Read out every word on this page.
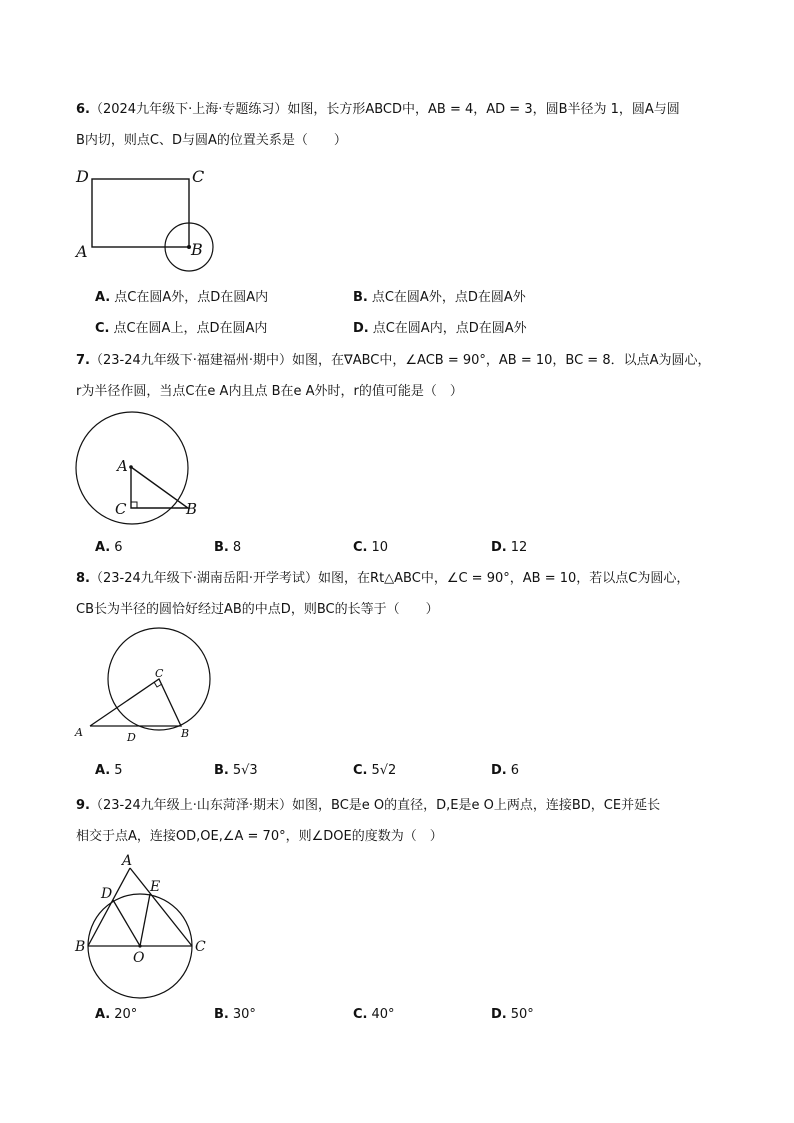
6.（2024九年级下·上海·专题练习）如图，长方形ABCD中，AB = 4，AD = 3，圆B半径为 1，圆A与圆
B内切，则点C、D与圆A的位置关系是（　　）
D	C
A	B
A. 点C在圆A外，点D在圆A内	B. 点C在圆A外，点D在圆A外
C. 点C在圆A上，点D在圆A内	D. 点C在圆A内，点D在圆A外
7.（23-24九年级下·福建福州·期中）如图，在∇ABC中，∠ACB = 90°，AB = 10，BC = 8．以点A为圆心，
r为半径作圆，当点C在e A内且点 B在e A外时，r的值可能是（　）
A
C	B
A. 6	B. 8	C. 10	D. 12
8.（23-24九年级下·湖南岳阳·开学考试）如图，在Rt△ABC中，∠C = 90°，AB = 10，若以点C为圆心，
CB长为半径的圆恰好经过AB的中点D，则BC的长等于（　　）
C
A	D	B
A. 5	B. 5√3	C. 5√2	D. 6
9.（23-24九年级上·山东菏泽·期末）如图，BC是e O的直径，D,E是e O上两点，连接BD，CE并延长
相交于点A，连接OD,OE,∠A = 70°，则∠DOE的度数为（　）
A
D	E
B
O
C
A. 20°	B. 30°	C. 40°	D. 50°
